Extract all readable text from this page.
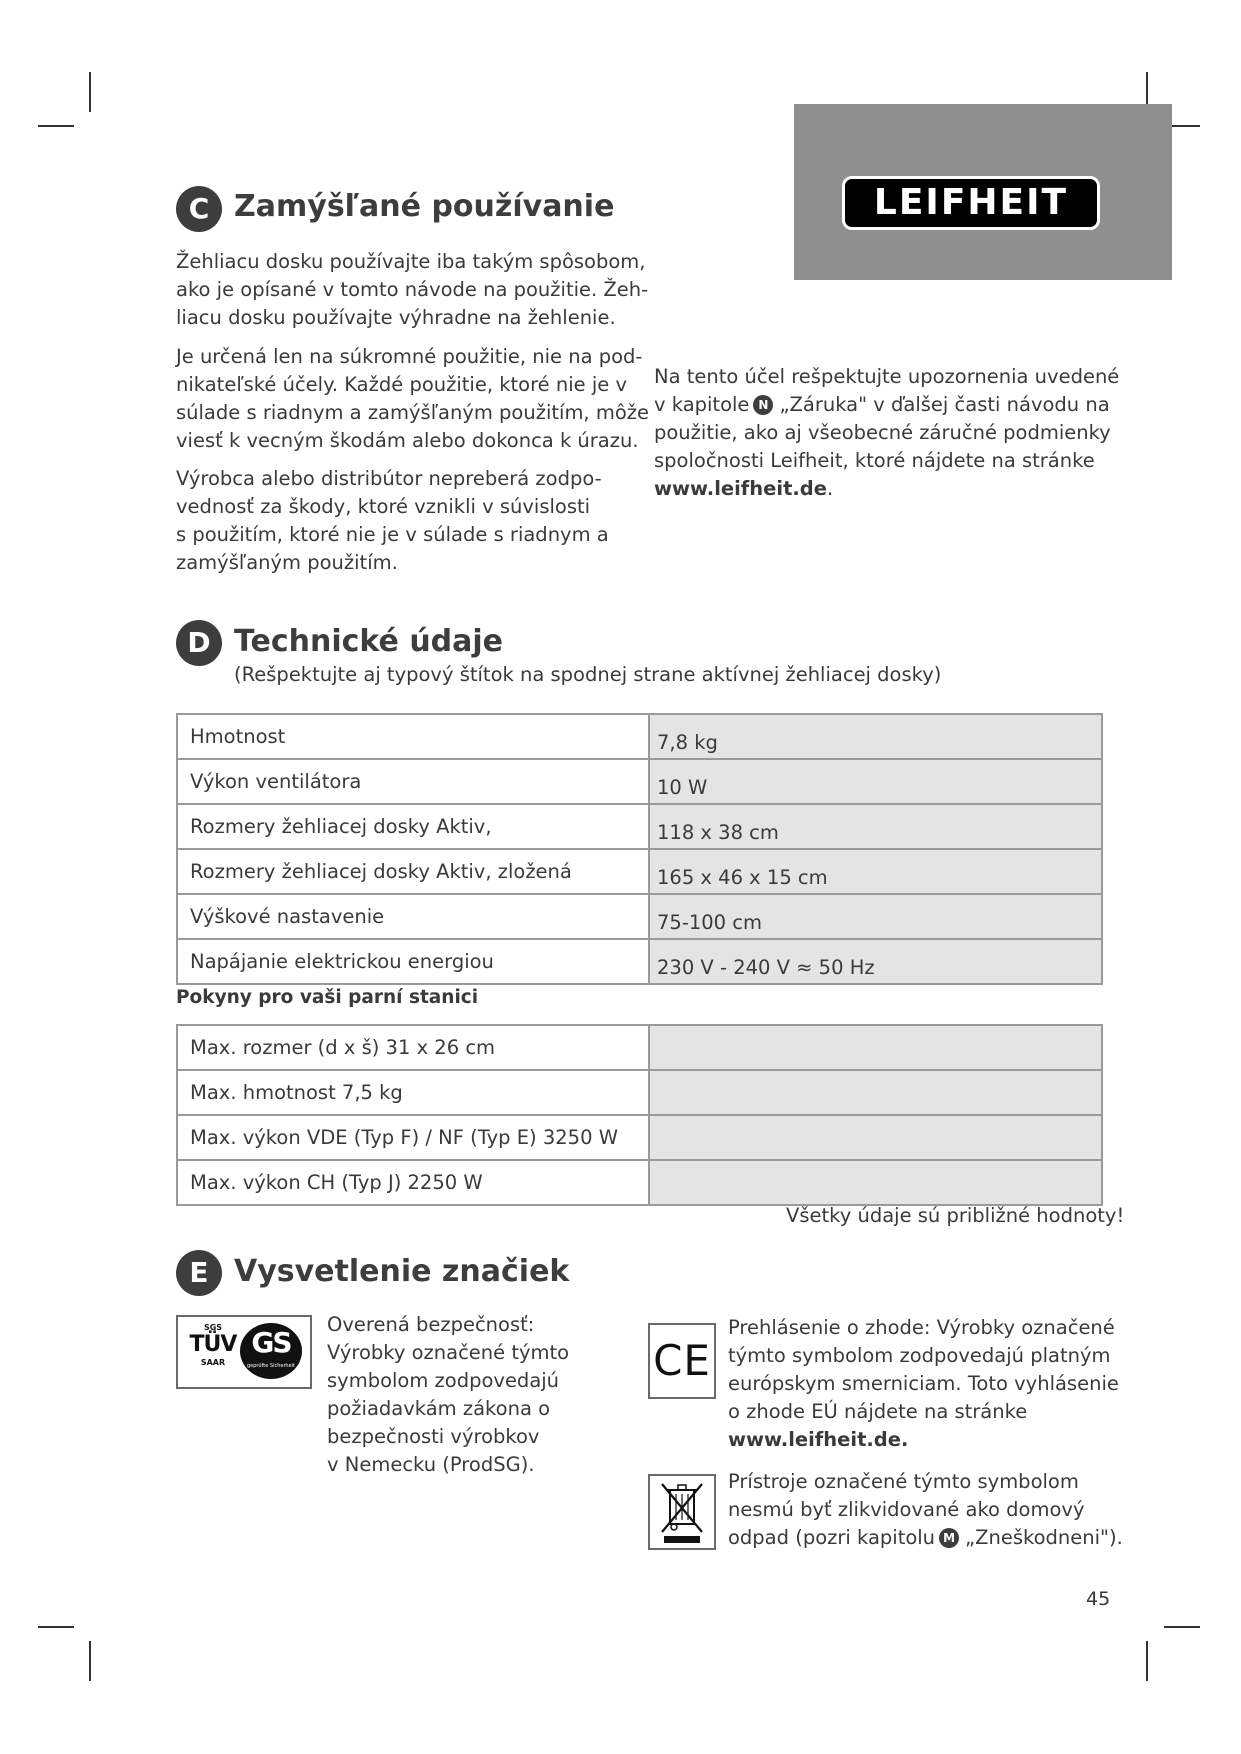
LEIFHEIT
C Zamýšľané používanie
Žehliacu dosku používajte iba takým spôsobom,
ako je opísané v tomto návode na použitie. Žeh-
liacu dosku používajte výhradne na žehlenie.
Je určená len na súkromné použitie, nie na pod-
nikateľské účely. Každé použitie, ktoré nie je v
súlade s riadnym a zamýšľaným použitím, môže
viesť k vecným škodám alebo dokonca k úrazu.
Výrobca alebo distribútor nepreberá zodpo-
vednosť za škody, ktoré vznikli v súvislosti
s použitím, ktoré nie je v súlade s riadnym a
zamýšľaným použitím.
Na tento účel rešpektujte upozornenia uvedené
v kapitole N „Záruka" v ďalšej časti návodu na
použitie, ako aj všeobecné záručné podmienky
spoločnosti Leifheit, ktoré nájdete na stránke
www.leifheit.de.
D Technické údaje
(Rešpektujte aj typový štítok na spodnej strane aktívnej žehliacej dosky)
Hmotnost	7,8 kg
Výkon ventilátora	10 W
Rozmery žehliacej dosky Aktiv,	118 x 38 cm
Rozmery žehliacej dosky Aktiv, zložená	165 x 46 x 15 cm
Výškové nastavenie	75-100 cm
Napájanie elektrickou energiou	230 V - 240 V ≈ 50 Hz
Pokyny pro vaši parní stanici
Max. rozmer (d x š) 31 x 26 cm	
Max. hmotnost 7,5 kg	
Max. výkon VDE (Typ F) / NF (Typ E) 3250 W	
Max. výkon CH (Typ J) 2250 W	
Všetky údaje sú približné hodnoty!
E Vysvetlenie značiek
SGS
TÜV
SAAR
GS
geprüfte Sicherheit
Overená bezpečnosť:
Výrobky označené týmto
symbolom zodpovedajú
požiadavkám zákona o
bezpečnosti výrobkov
v Nemecku (ProdSG).
CE
Prehlásenie o zhode: Výrobky označené
týmto symbolom zodpovedajú platným
európskym smerniciam. Toto vyhlásenie
o zhode EÚ nájdete na stránke
www.leifheit.de.
Prístroje označené týmto symbolom
nesmú byť zlikvidované ako domový
odpad (pozri kapitolu M „Zneškodneni").
45
